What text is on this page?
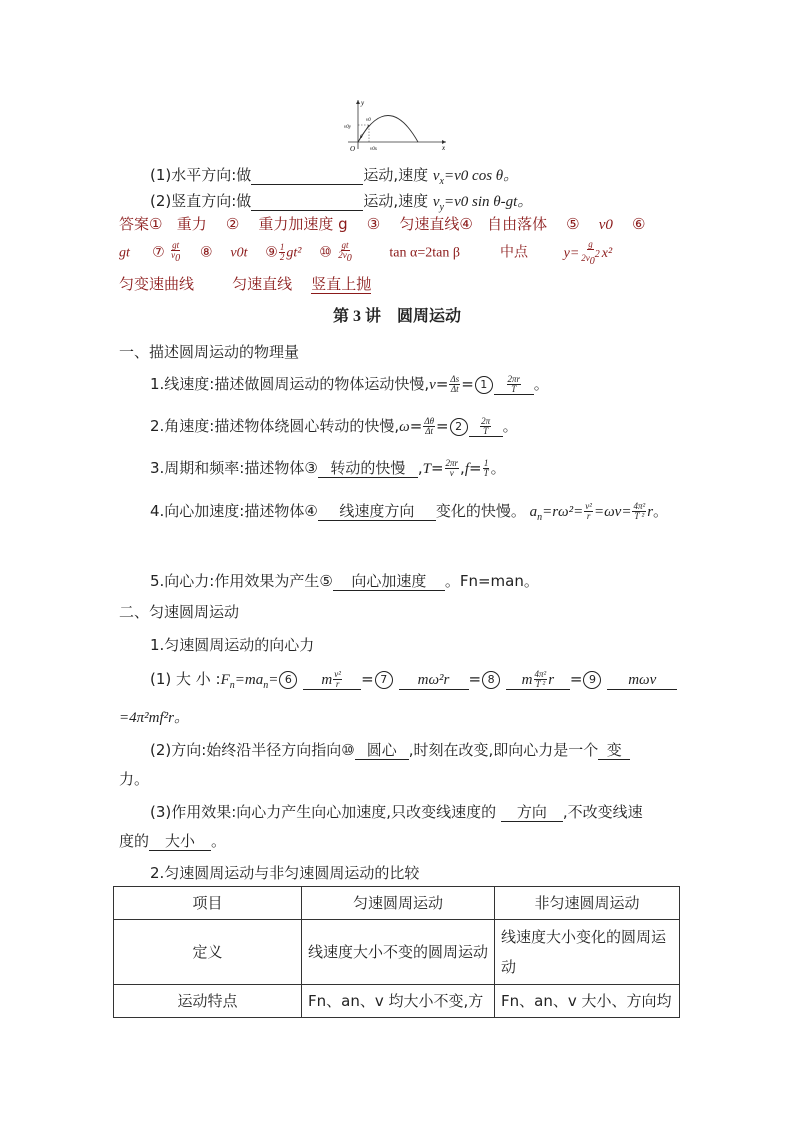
y
x
O
v0
v0y
v0x
θ
(1)水平方向:做	运动,速度 $v_x=v0$ cos θ。
(2)竖直方向:做	运动,速度 $v_y=v0$ sin θ-gt。
答案① 重力 ② 重力加速度 g ③ 匀速直线④ 自由落体 ⑤ v0 ⑥
gt ⑦ $\frac{gt}{v_0}$ ⑧ v0t ⑨ $\frac{1}{2} gt^2$ ⑩ $\frac{gt}{2v_0}$	tan α=2tan β	中点	$y= \frac{g}{2v_0^2} x^2$
匀变速曲线	匀速直线 竖直上抛
第 3 讲　圆周运动
一、描述圆周运动的物理量
1.线速度:描述做圆周运动的物体运动快慢$,v= \frac{\Delta s}{\Delta t} = 1 \frac{2\pi r}{T}$ 。
2.角速度:描述物体绕圆心转动的快慢$,\omega= \frac{\Delta\theta}{\Delta t} = 2 \frac{2\pi}{T}$ 。
3.周期和频率:描述物体③ 转动的快慢 $,T= \frac{2\pi r}{v} ,f= \frac{1}{T}$ 。
4.向心加速度:描述物体④ 线速度方向 变化的快慢。 $a_n=r\omega^2= \frac{\text{v²}}{r} =\omega v= \frac{\text{4π²}}{\text{T ²}}$ r。
5.向心力:作用效果为产生⑤ 向心加速度 。Fn=man。
二、匀速圆周运动
1.匀速圆周运动的向心力
(1) 大 小 $:F_n=ma_n= 6$ m $\frac{\text{v²}}{r} = 7$ mω²r = 8 m $\frac{\text{4π²}}{\text{T ²}}$ r = 9 mωv
=4π²mf²r。
(2)方向:始终沿半径方向指向⑩ 圆心 ,时刻在改变,即向心力是一个 变
力。
(3)作用效果:向心力产生向心加速度,只改变线速度的 方向 ,不改变线速
度的 大小 。
2.匀速圆周运动与非匀速圆周运动的比较
项目	匀速圆周运动	非匀速圆周运动
定义	线速度大小不变的圆周运动	线速度大小变化的圆周运动
运动特点	Fn、an、v 均大小不变,方	Fn、an、v 大小、方向均
